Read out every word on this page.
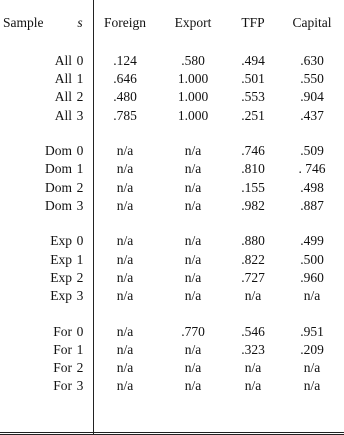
Sample	s	Foreign	Export	TFP	Capital
All 0	.124	.580	.494	.630
All 1	.646	1.000	.501	.550
All 2	.480	1.000	.553	.904
All 3	.785	1.000	.251	.437
Dom 0	n/a	n/a	.746	.509
Dom 1	n/a	n/a	.810	. 746
Dom 2	n/a	n/a	.155	.498
Dom 3	n/a	n/a	.982	.887
Exp 0	n/a	n/a	.880	.499
Exp 1	n/a	n/a	.822	.500
Exp 2	n/a	n/a	.727	.960
Exp 3	n/a	n/a	n/a	n/a
For 0	n/a	.770	.546	.951
For 1	n/a	n/a	.323	.209
For 2	n/a	n/a	n/a	n/a
For 3	n/a	n/a	n/a	n/a
